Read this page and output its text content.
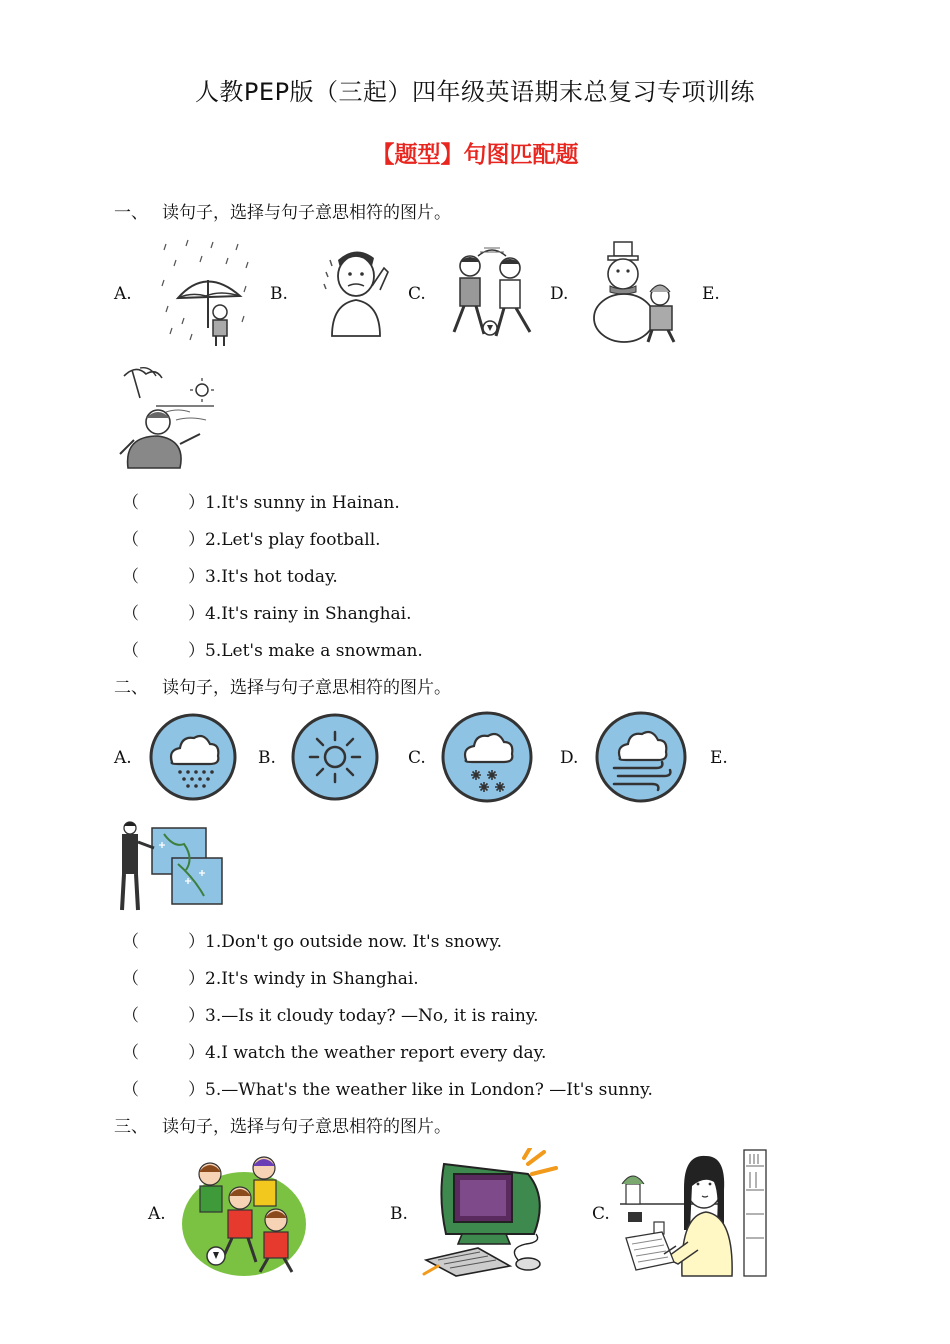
人教PEP版（三起）四年级英语期末总复习专项训练
【题型】句图匹配题
一、 读句子，选择与句子意思相符的图片。
A.	B.	C.	D.	E.
（	）1.It's sunny in Hainan.
（	）2.Let's play football.
（	）3.It's hot today.
（	）4.It's rainy in Shanghai.
（	）5.Let's make a snowman.
二、 读句子，选择与句子意思相符的图片。
A.	B.	C.	D.	E.
（	）1.Don't go outside now. It's snowy.
（	）2.It's windy in Shanghai.
（	）3.—Is it cloudy today? —No, it is rainy.
（	）4.I watch the weather report every day.
（	）5.—What's the weather like in London? —It's sunny.
三、 读句子，选择与句子意思相符的图片。
A.	B.	C.
